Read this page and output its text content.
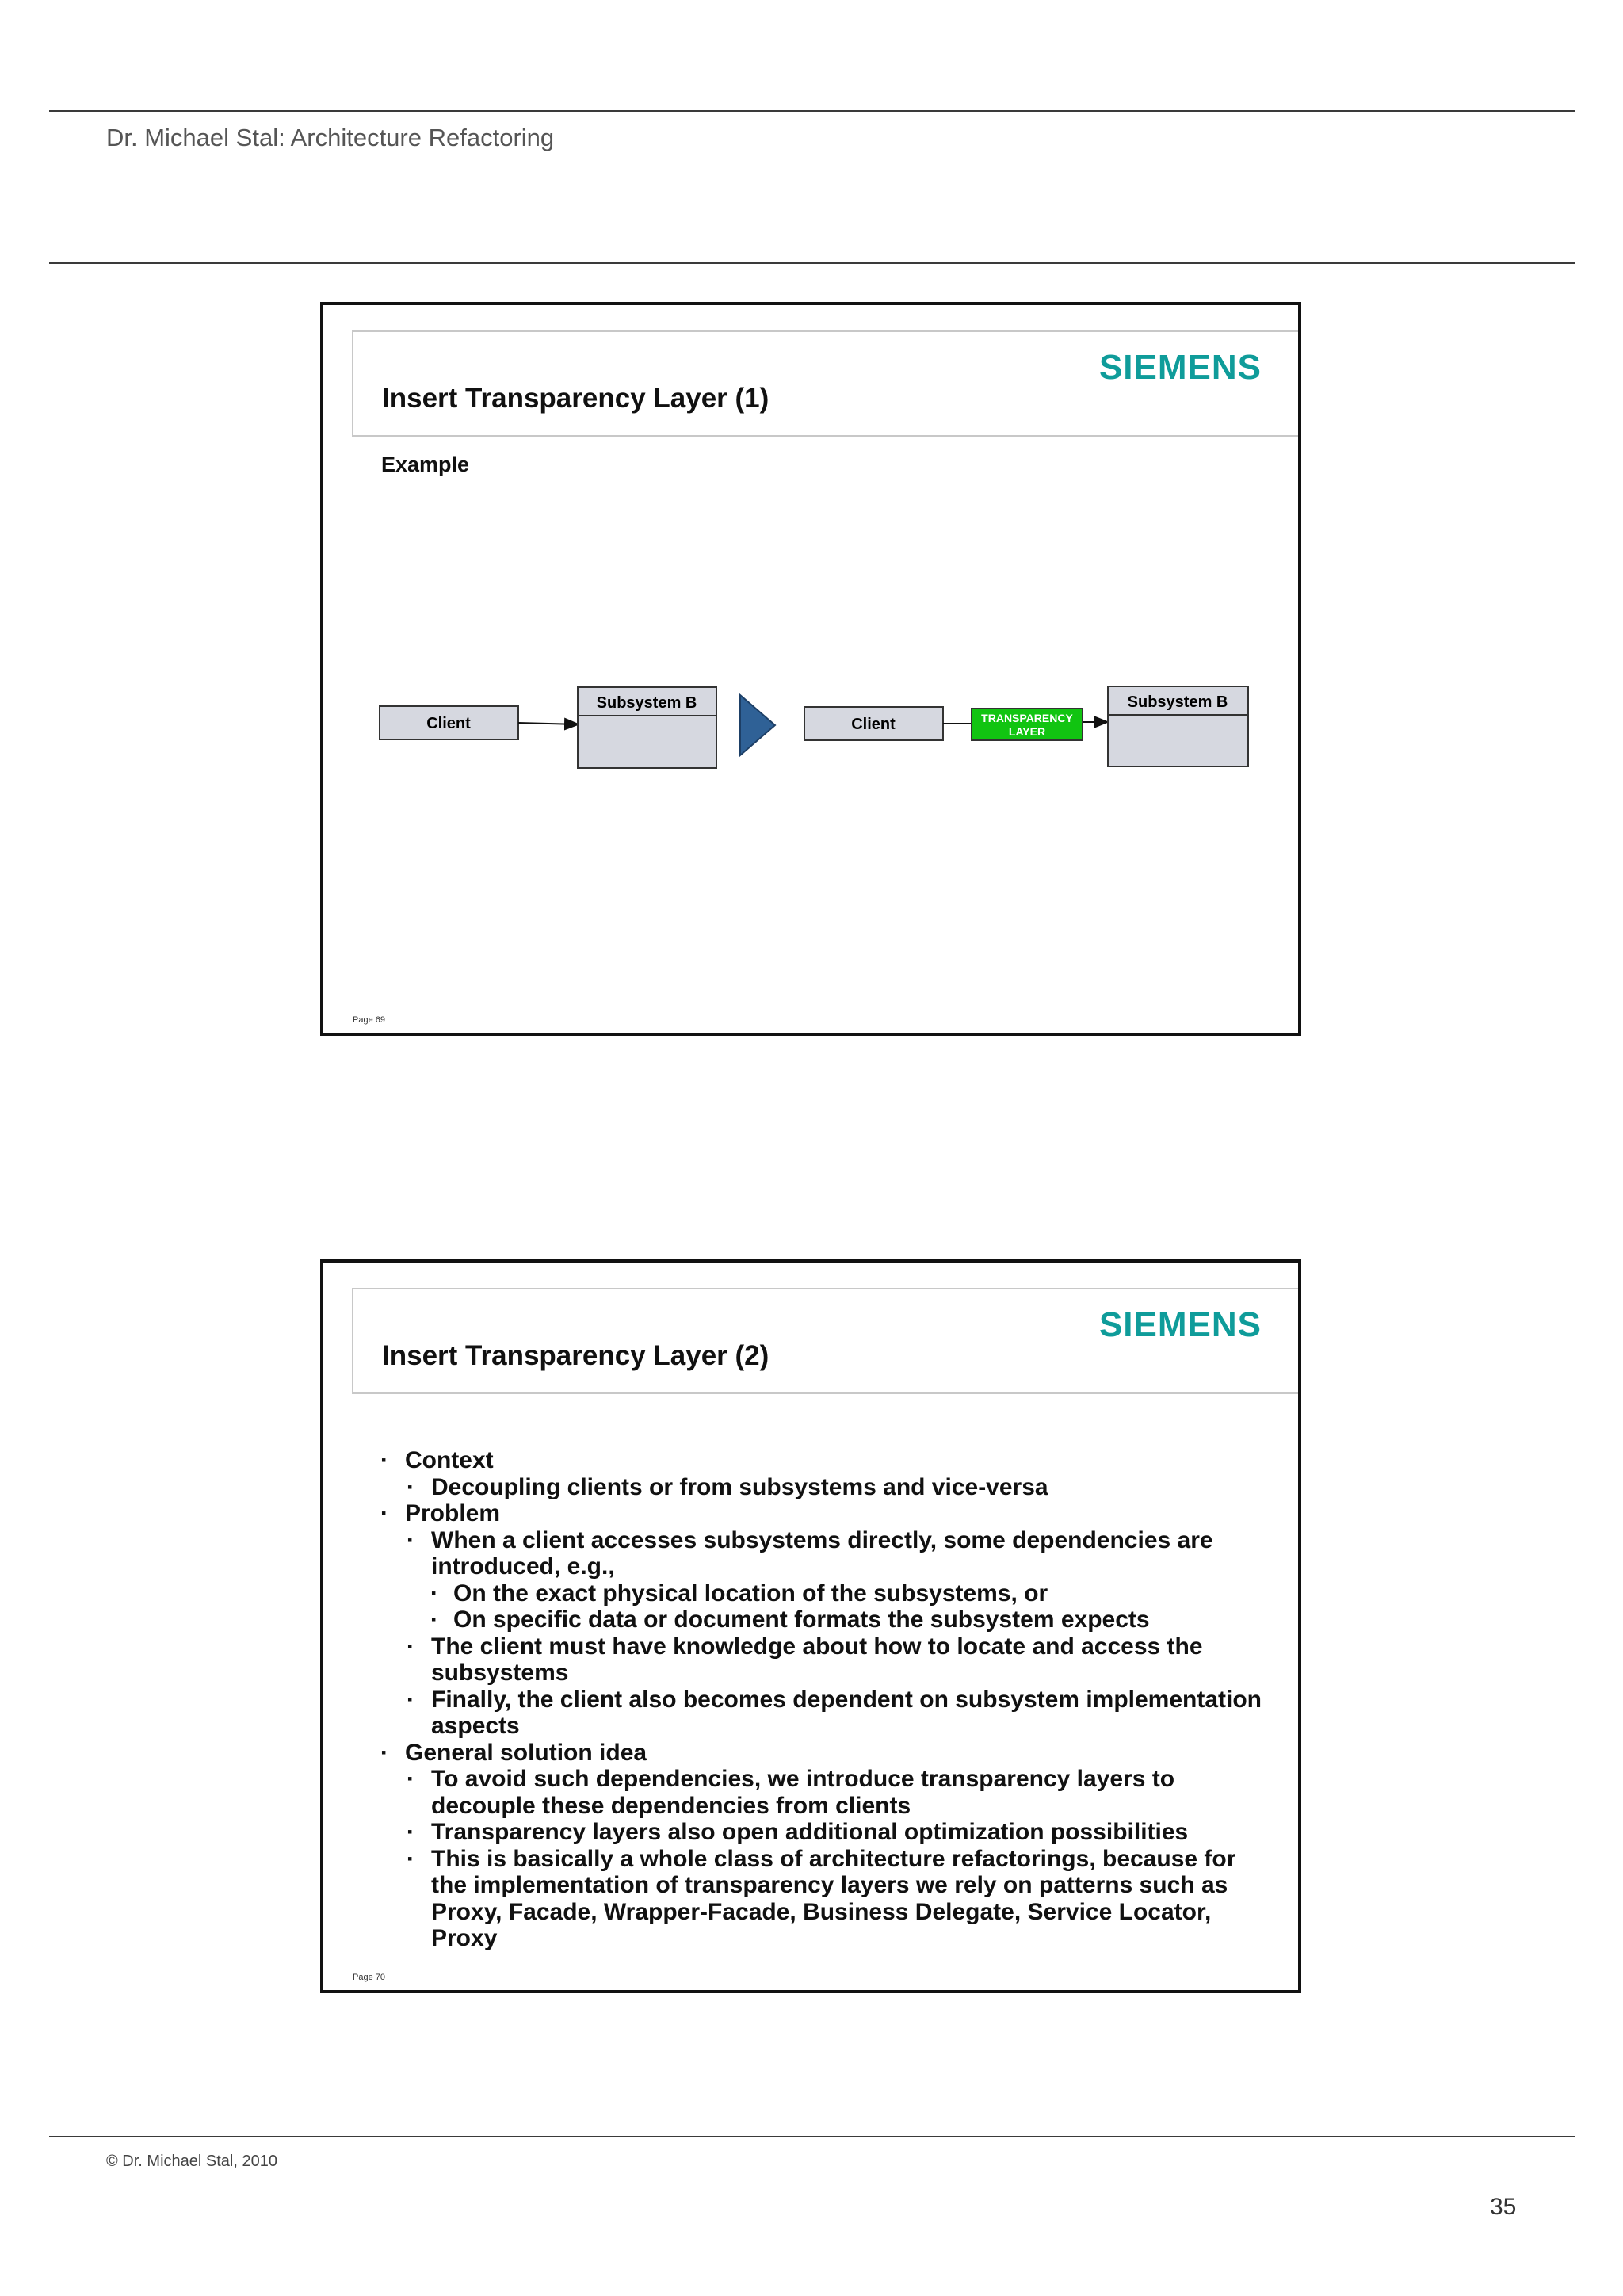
Dr. Michael Stal: Architecture Refactoring
SIEMENS
Insert Transparency Layer (1)
Example
Client
Subsystem B
Client	TRANSPARENCY
LAYER
Subsystem B
Page 69
SIEMENS
Insert Transparency Layer (2)
▪ Context
▪ Decoupling clients or from subsystems and vice-versa
▪ Problem
▪ When a client accesses subsystems directly, some dependencies are introduced, e.g.,
▪ On the exact physical location of the subsystems, or
▪ On specific data or document formats the subsystem expects
▪ The client must have knowledge about how to locate and access the subsystems
▪ Finally, the client also becomes dependent on subsystem implementation aspects
▪ General solution idea
▪ To avoid such dependencies, we introduce transparency layers to decouple these dependencies from clients
▪ Transparency layers also open additional optimization possibilities
▪ This is basically a whole class of architecture refactorings, because for the implementation of transparency layers we rely on patterns such as Proxy, Facade, Wrapper-Facade, Business Delegate, Service Locator, Proxy
Page 70
© Dr. Michael Stal, 2010
35
